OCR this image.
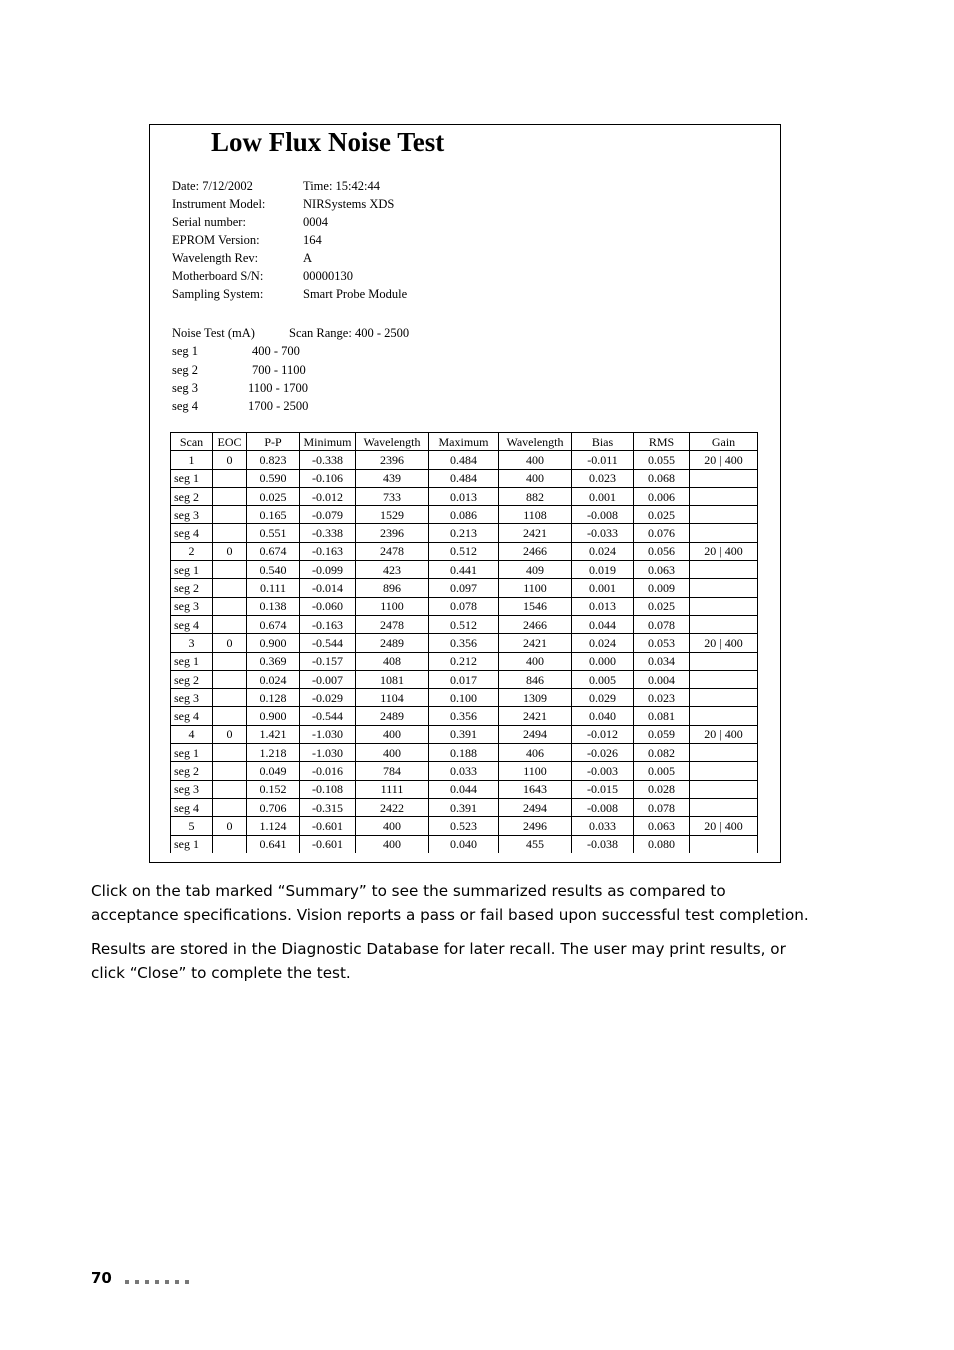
Low Flux Noise Test
Date: 7/12/2002	Time: 15:42:44
Instrument Model:	NIRSystems XDS
Serial number:	0004
EPROM Version:	164
Wavelength Rev:	A
Motherboard S/N:	00000130
Sampling System:	Smart Probe Module
Noise Test (mA)	Scan Range: 400 - 2500
seg 1	400 - 700
seg 2	700 - 1100
seg 3	1100 - 1700
seg 4	1700 - 2500
Scan	EOC	P-P	Minimum	Wavelength	Maximum	Wavelength	Bias	RMS	Gain
1	0	0.823	-0.338	2396	0.484	400	-0.011	0.055	20 | 400
seg 1		0.590	-0.106	439	0.484	400	0.023	0.068	
seg 2		0.025	-0.012	733	0.013	882	0.001	0.006	
seg 3		0.165	-0.079	1529	0.086	1108	-0.008	0.025	
seg 4		0.551	-0.338	2396	0.213	2421	-0.033	0.076	
2	0	0.674	-0.163	2478	0.512	2466	0.024	0.056	20 | 400
seg 1		0.540	-0.099	423	0.441	409	0.019	0.063	
seg 2		0.111	-0.014	896	0.097	1100	0.001	0.009	
seg 3		0.138	-0.060	1100	0.078	1546	0.013	0.025	
seg 4		0.674	-0.163	2478	0.512	2466	0.044	0.078	
3	0	0.900	-0.544	2489	0.356	2421	0.024	0.053	20 | 400
seg 1		0.369	-0.157	408	0.212	400	0.000	0.034	
seg 2		0.024	-0.007	1081	0.017	846	0.005	0.004	
seg 3		0.128	-0.029	1104	0.100	1309	0.029	0.023	
seg 4		0.900	-0.544	2489	0.356	2421	0.040	0.081	
4	0	1.421	-1.030	400	0.391	2494	-0.012	0.059	20 | 400
seg 1		1.218	-1.030	400	0.188	406	-0.026	0.082	
seg 2		0.049	-0.016	784	0.033	1100	-0.003	0.005	
seg 3		0.152	-0.108	1111	0.044	1643	-0.015	0.028	
seg 4		0.706	-0.315	2422	0.391	2494	-0.008	0.078	
5	0	1.124	-0.601	400	0.523	2496	0.033	0.063	20 | 400
seg 1		0.641	-0.601	400	0.040	455	-0.038	0.080	

Click on the tab marked “Summary” to see the summarized results as compared to acceptance specifications. Vision reports a pass or fail based upon successful test completion.

Results are stored in the Diagnostic Database for later recall. The user may print results, or click “Close” to complete the test.

70
